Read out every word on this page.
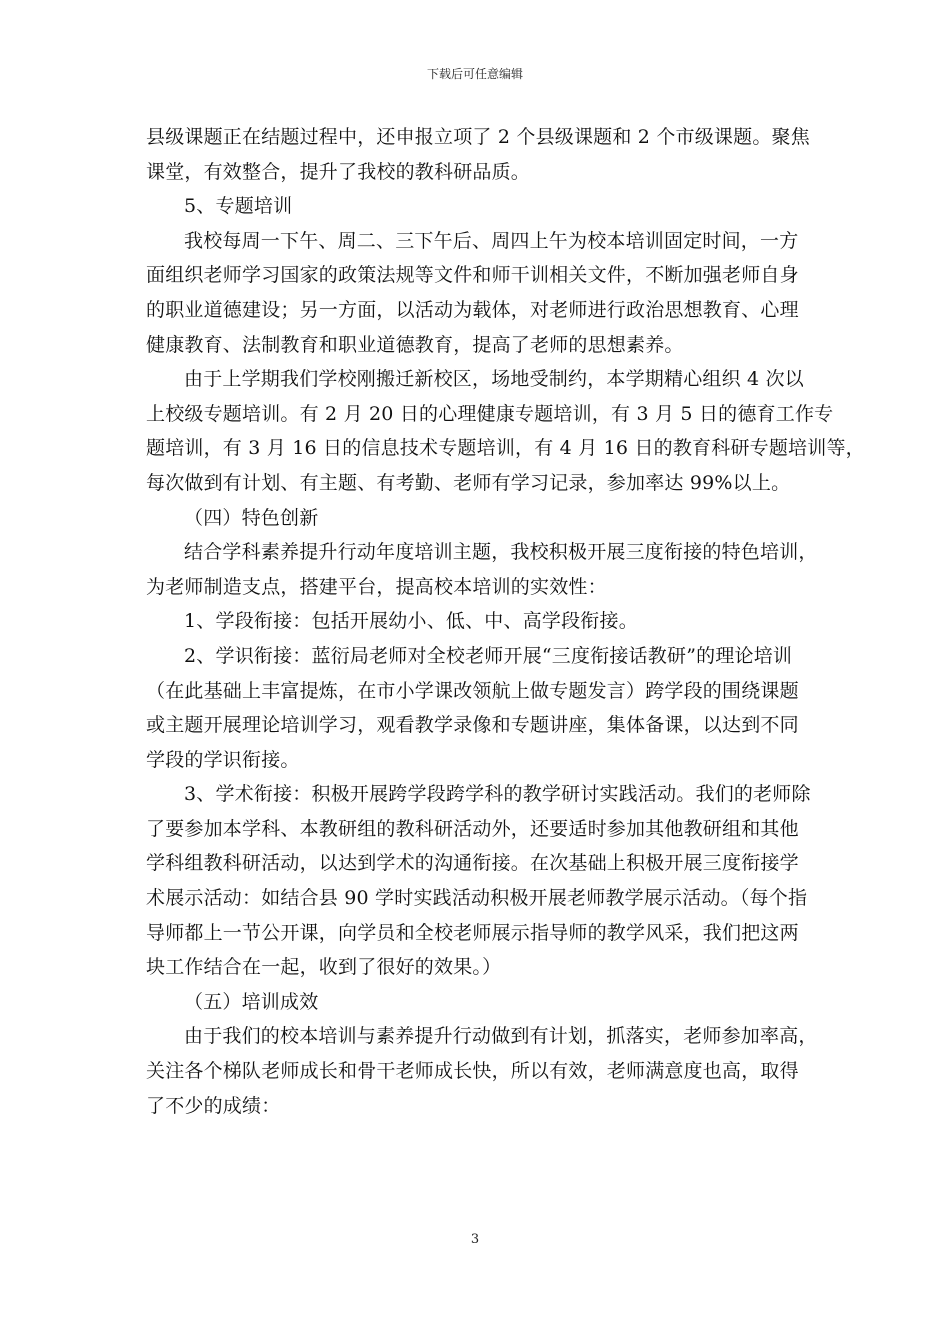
下载后可任意编辑
县级课题正在结题过程中，还申报立项了 2 个县级课题和 2 个市级课题。聚焦
课堂，有效整合，提升了我校的教科研品质。
5、专题培训
我校每周一下午、周二、三下午后、周四上午为校本培训固定时间，一方
面组织老师学习国家的政策法规等文件和师干训相关文件，不断加强老师自身
的职业道德建设；另一方面，以活动为载体，对老师进行政治思想教育、心理
健康教育、法制教育和职业道德教育，提高了老师的思想素养。
由于上学期我们学校刚搬迁新校区，场地受制约，本学期精心组织 4 次以
上校级专题培训。有 2 月 20 日的心理健康专题培训，有 3 月 5 日的德育工作专
题培训，有 3 月 16 日的信息技术专题培训，有 4 月 16 日的教育科研专题培训等，
每次做到有计划、有主题、有考勤、老师有学习记录，参加率达 99%以上。
（四）特色创新
结合学科素养提升行动年度培训主题，我校积极开展三度衔接的特色培训，
为老师制造支点，搭建平台，提高校本培训的实效性：
1、学段衔接：包括开展幼小、低、中、高学段衔接。
2、学识衔接：蓝衍局老师对全校老师开展“三度衔接话教研”的理论培训
（在此基础上丰富提炼，在市小学课改领航上做专题发言）跨学段的围绕课题
或主题开展理论培训学习，观看教学录像和专题讲座，集体备课，以达到不同
学段的学识衔接。
3、学术衔接：积极开展跨学段跨学科的教学研讨实践活动。我们的老师除
了要参加本学科、本教研组的教科研活动外，还要适时参加其他教研组和其他
学科组教科研活动，以达到学术的沟通衔接。在次基础上积极开展三度衔接学
术展示活动：如结合县 90 学时实践活动积极开展老师教学展示活动。（每个指
导师都上一节公开课，向学员和全校老师展示指导师的教学风采，我们把这两
块工作结合在一起，收到了很好的效果。）
（五）培训成效
由于我们的校本培训与素养提升行动做到有计划，抓落实，老师参加率高，
关注各个梯队老师成长和骨干老师成长快，所以有效，老师满意度也高，取得
了不少的成绩：
3
